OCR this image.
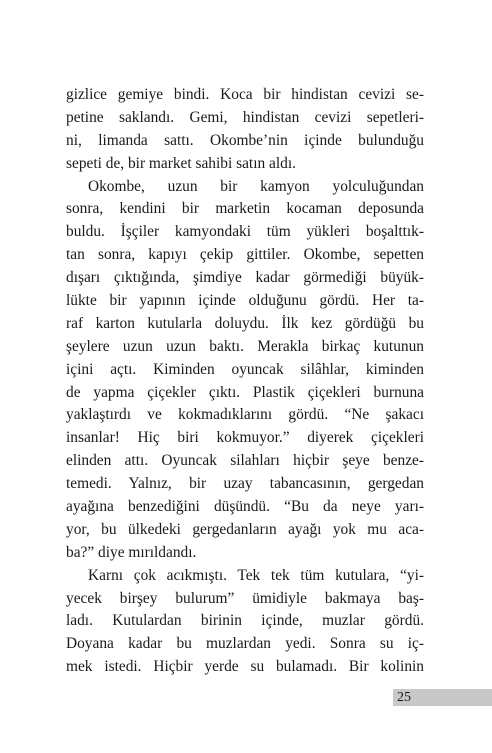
gizlice gemiye bindi. Koca bir hindistan cevizi se-
petine saklandı. Gemi, hindistan cevizi sepetleri-
ni, limanda sattı. Okombe’nin içinde bulunduğu
sepeti de, bir market sahibi satın aldı.
Okombe, uzun bir kamyon yolculuğundan
sonra, kendini bir marketin kocaman deposunda
buldu. İşçiler kamyondaki tüm yükleri boşalttık-
tan sonra, kapıyı çekip gittiler. Okombe, sepetten
dışarı çıktığında, şimdiye kadar görmediği büyük-
lükte bir yapının içinde olduğunu gördü. Her ta-
raf karton kutularla doluydu. İlk kez gördüğü bu
şeylere uzun uzun baktı. Merakla birkaç kutunun
içini açtı. Kiminden oyuncak silâhlar, kiminden
de yapma çiçekler çıktı. Plastik çiçekleri burnuna
yaklaştırdı ve kokmadıklarını gördü. “Ne şakacı
insanlar! Hiç biri kokmuyor.” diyerek çiçekleri
elinden attı. Oyuncak silahları hiçbir şeye benze-
temedi. Yalnız, bir uzay tabancasının, gergedan
ayağına benzediğini düşündü. “Bu da neye yarı-
yor, bu ülkedeki gergedanların ayağı yok mu aca-
ba?” diye mırıldandı.
Karnı çok acıkmıştı. Tek tek tüm kutulara, “yi-
yecek birşey bulurum” ümidiyle bakmaya baş-
ladı. Kutulardan birinin içinde, muzlar gördü.
Doyana kadar bu muzlardan yedi. Sonra su iç-
mek istedi. Hiçbir yerde su bulamadı. Bir kolinin
25
